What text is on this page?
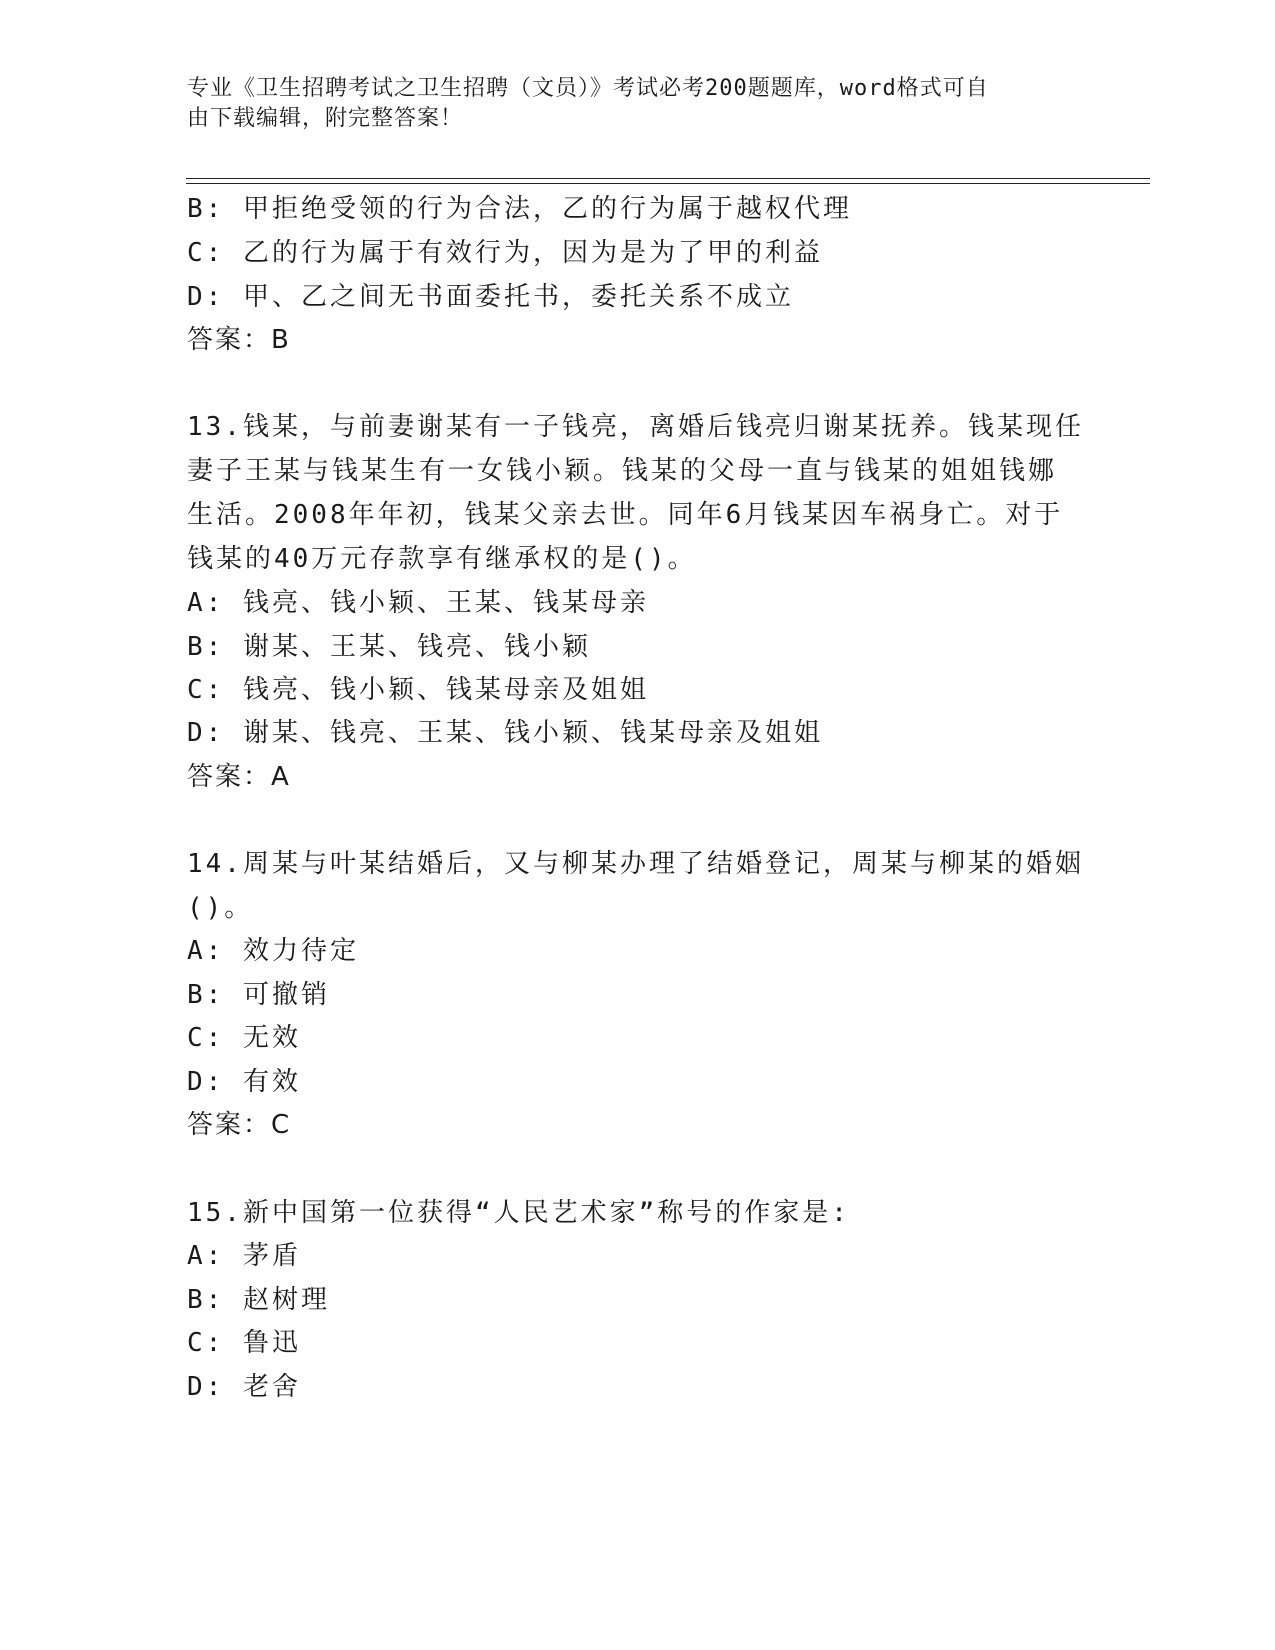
专业《卫生招聘考试之卫生招聘（文员）》考试必考200题题库，word格式可自
由下载编辑，附完整答案！
B: 甲拒绝受领的行为合法，乙的行为属于越权代理
C: 乙的行为属于有效行为，因为是为了甲的利益
D: 甲、乙之间无书面委托书，委托关系不成立
答案：B
13.钱某，与前妻谢某有一子钱亮，离婚后钱亮归谢某抚养。钱某现任
妻子王某与钱某生有一女钱小颖。钱某的父母一直与钱某的姐姐钱娜
生活。2008年年初，钱某父亲去世。同年6月钱某因车祸身亡。对于
钱某的40万元存款享有继承权的是()。
A: 钱亮、钱小颖、王某、钱某母亲
B: 谢某、王某、钱亮、钱小颖
C: 钱亮、钱小颖、钱某母亲及姐姐
D: 谢某、钱亮、王某、钱小颖、钱某母亲及姐姐
答案：A
14.周某与叶某结婚后，又与柳某办理了结婚登记，周某与柳某的婚姻
()。
A: 效力待定
B: 可撤销
C: 无效
D: 有效
答案：C
15.新中国第一位获得“人民艺术家”称号的作家是:
A: 茅盾
B: 赵树理
C: 鲁迅
D: 老舍
